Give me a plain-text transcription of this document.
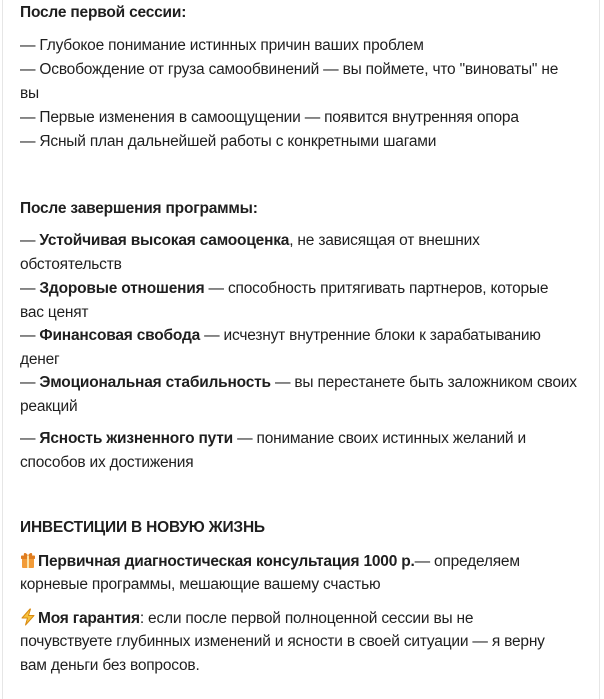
После первой сессии:
— Глубокое понимание истинных причин ваших проблем
— Освобождение от груза самообвинений — вы поймете, что "виноваты" не
вы
— Первые изменения в самоощущении — появится внутренняя опора
— Ясный план дальнейшей работы с конкретными шагами
После завершения программы:
— Устойчивая высокая самооценка, не зависящая от внешних
обстоятельств
— Здоровые отношения — способность притягивать партнеров, которые
вас ценят
— Финансовая свобода — исчезнут внутренние блоки к зарабатыванию
денег
— Эмоциональная стабильность — вы перестанете быть заложником своих
реакций
— Ясность жизненного пути — понимание своих истинных желаний и
способов их достижения
ИНВЕСТИЦИИ В НОВУЮ ЖИЗНЬ
Первичная диагностическая консультация 1000 р.— определяем
корневые программы, мешающие вашему счастью
Моя гарантия: если после первой полноценной сессии вы не
почувствуете глубинных изменений и ясности в своей ситуации — я верну
вам деньги без вопросов.
